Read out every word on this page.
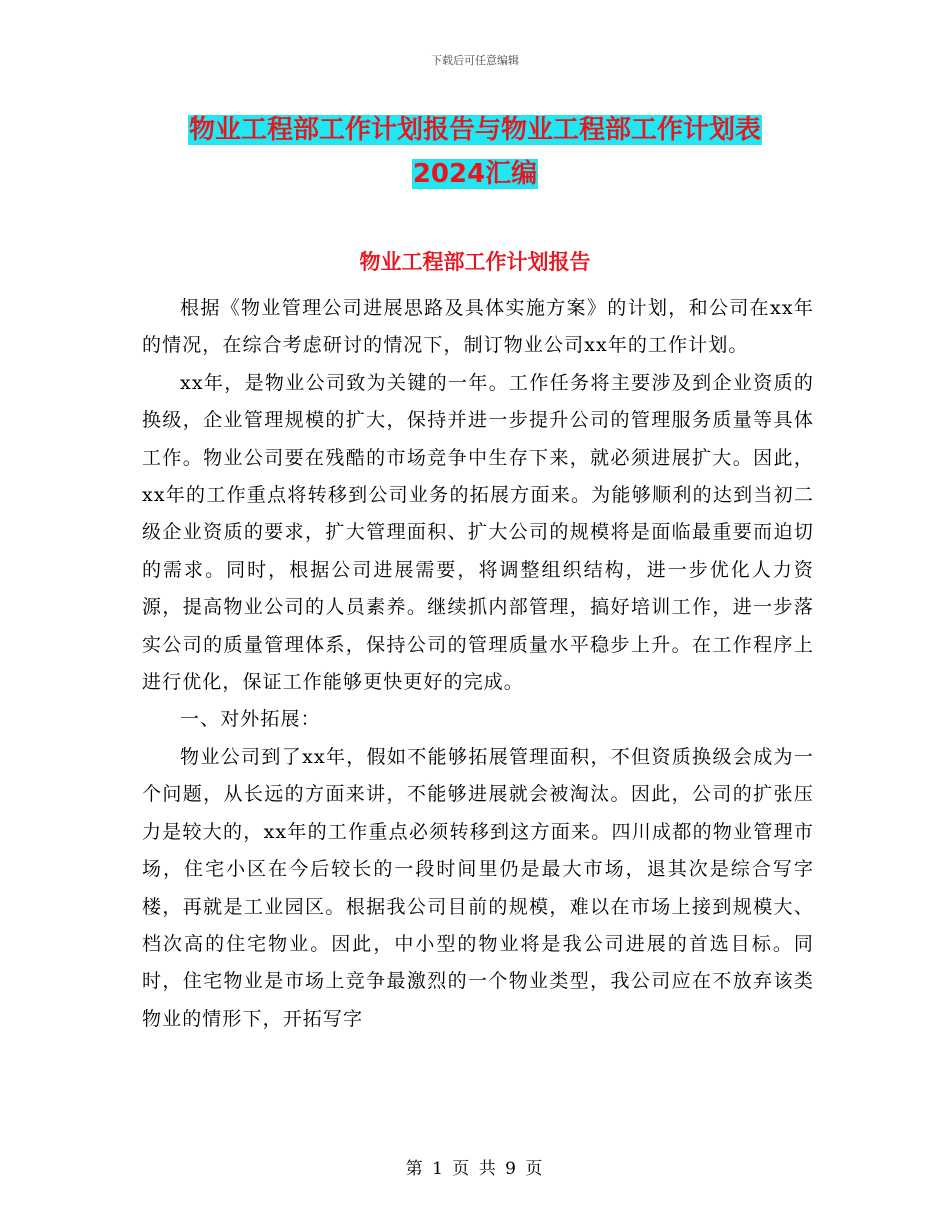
下载后可任意编辑
物业工程部工作计划报告与物业工程部工作计划表
2024汇编
物业工程部工作计划报告

根据《物业管理公司进展思路及具体实施方案》的计划，和公司在xx年的情况，在综合考虑研讨的情况下，制订物业公司xx年的工作计划。

xx年，是物业公司致为关键的一年。工作任务将主要涉及到企业资质的换级，企业管理规模的扩大，保持并进一步提升公司的管理服务质量等具体工作。物业公司要在残酷的市场竞争中生存下来，就必须进展扩大。因此，xx年的工作重点将转移到公司业务的拓展方面来。为能够顺利的达到当初二级企业资质的要求，扩大管理面积、扩大公司的规模将是面临最重要而迫切的需求。同时，根据公司进展需要，将调整组织结构，进一步优化人力资源，提高物业公司的人员素养。继续抓内部管理，搞好培训工作，进一步落实公司的质量管理体系，保持公司的管理质量水平稳步上升。在工作程序上进行优化，保证工作能够更快更好的完成。

一、对外拓展：

物业公司到了xx年，假如不能够拓展管理面积，不但资质换级会成为一个问题，从长远的方面来讲，不能够进展就会被淘汰。因此，公司的扩张压力是较大的，xx年的工作重点必须转移到这方面来。四川成都的物业管理市场，住宅小区在今后较长的一段时间里仍是最大市场，退其次是综合写字楼，再就是工业园区。根据我公司目前的规模，难以在市场上接到规模大、档次高的住宅物业。因此，中小型的物业将是我公司进展的首选目标。同时，住宅物业是市场上竞争最激烈的一个物业类型，我公司应在不放弃该类物业的情形下，开拓写字

第 1 页 共 9 页
